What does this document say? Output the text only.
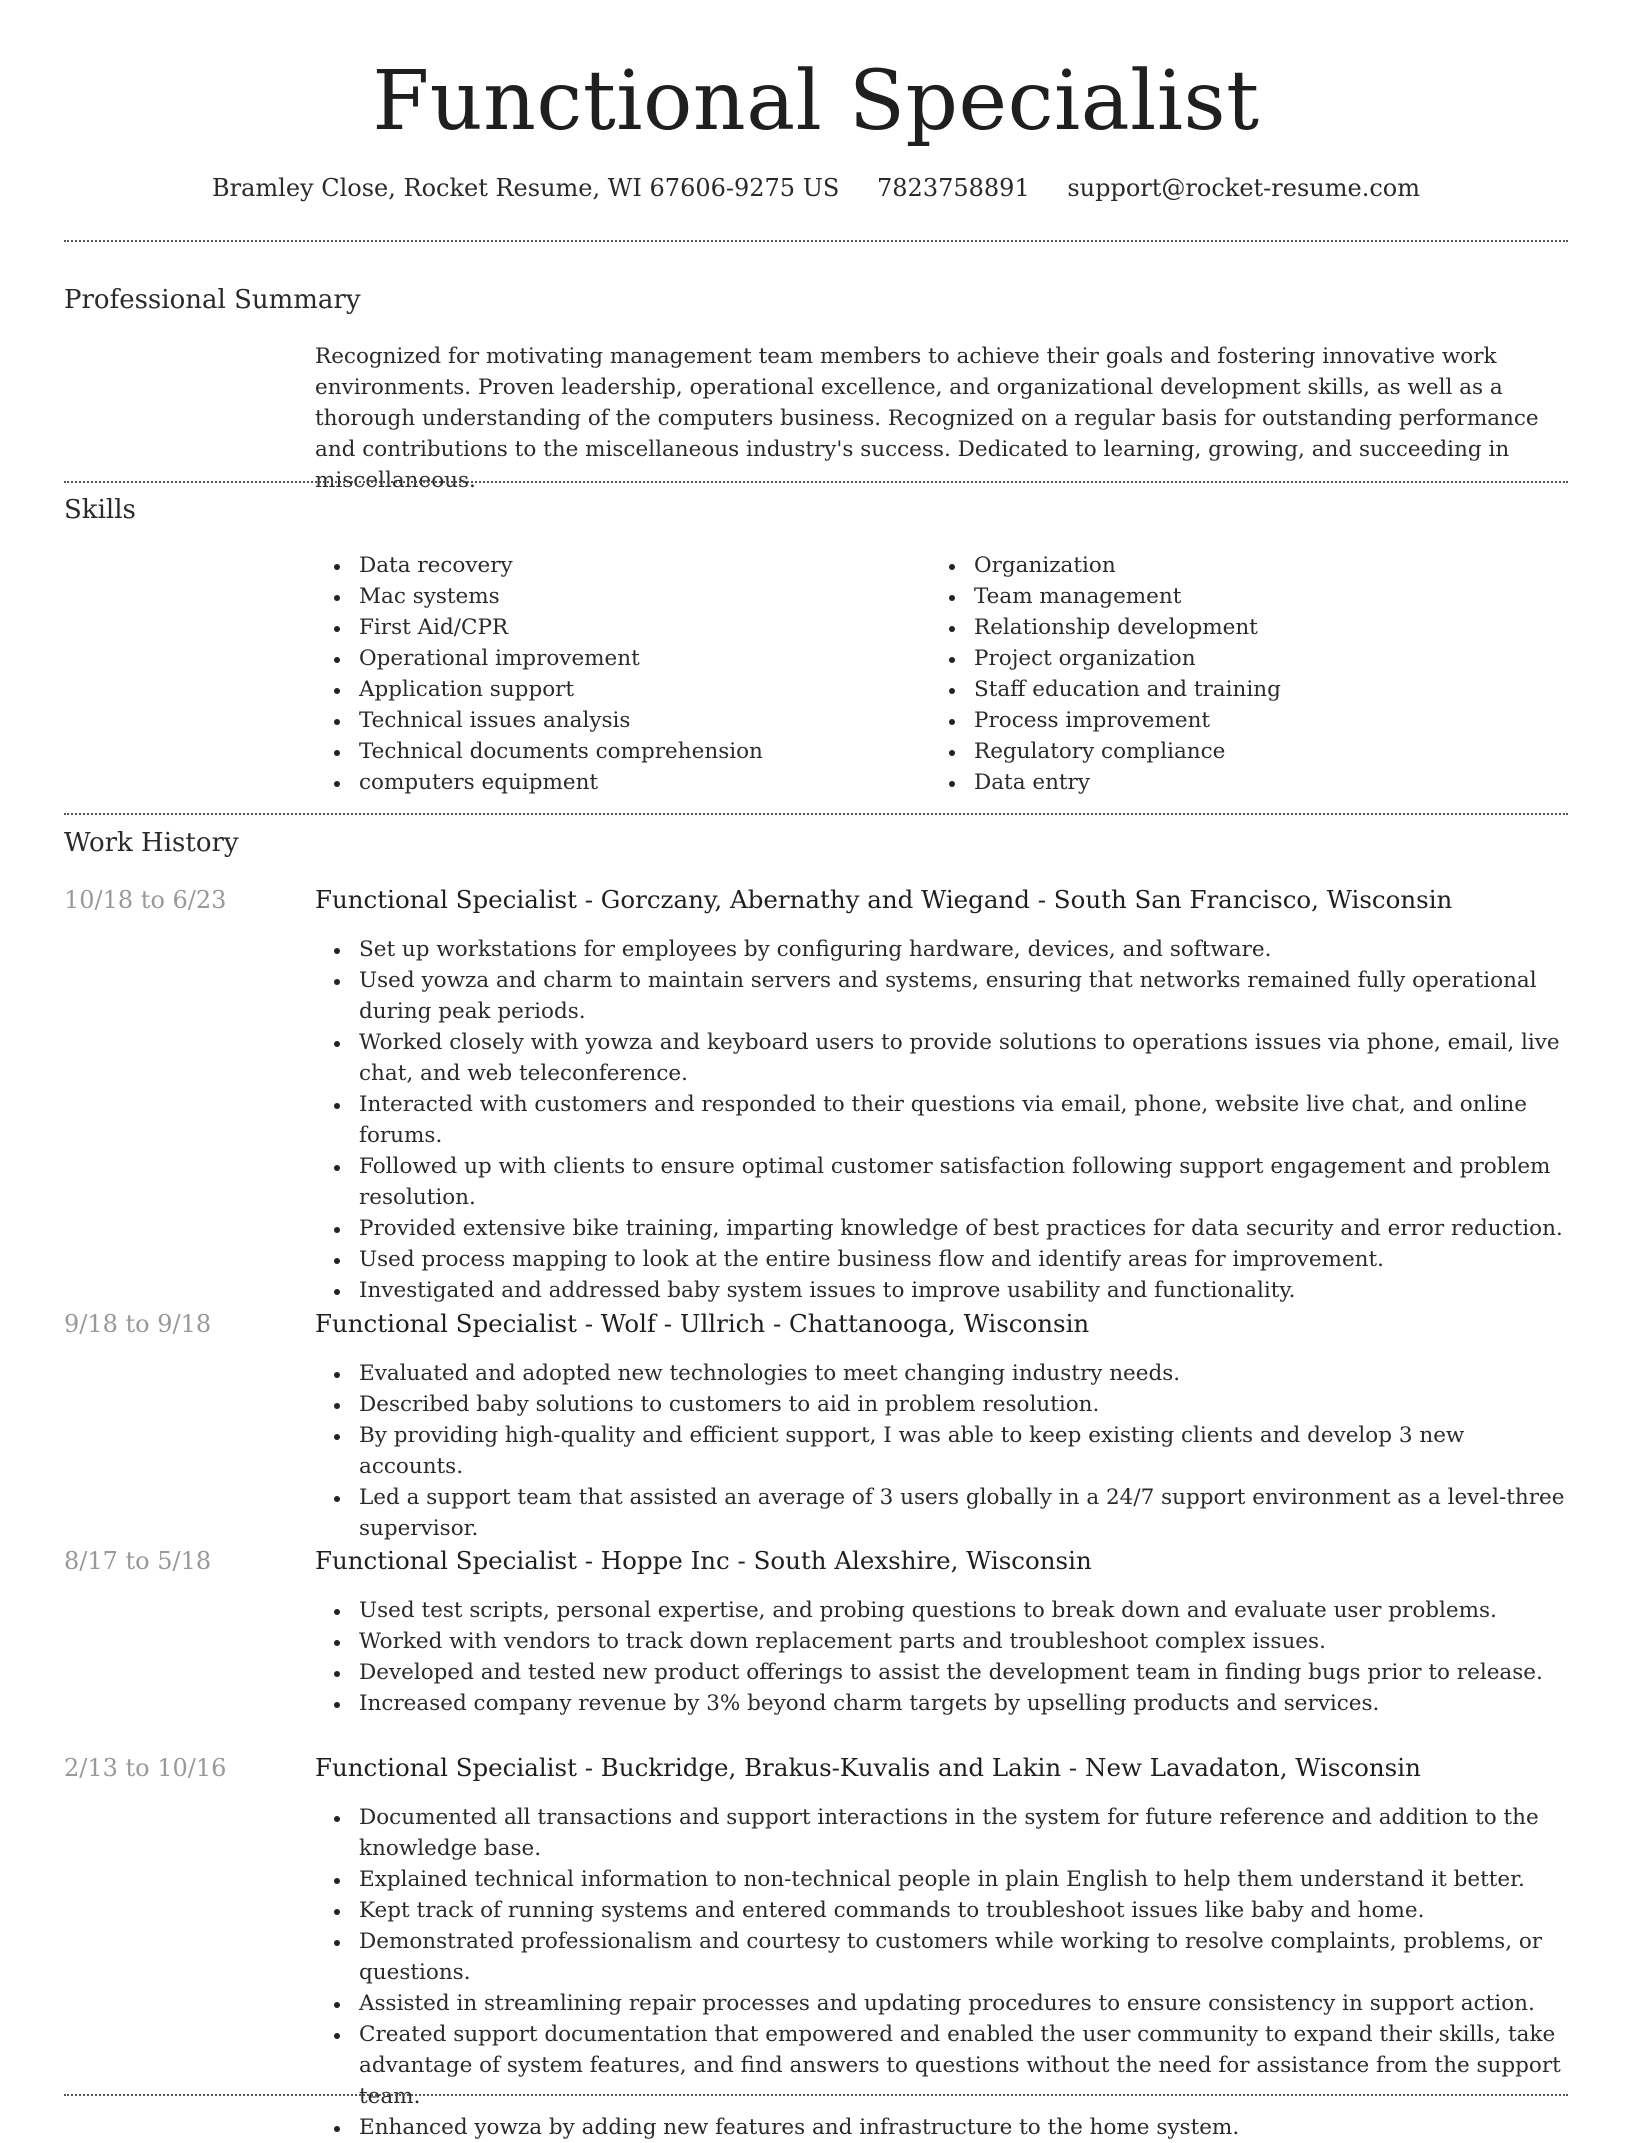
Functional Specialist
Bramley Close, Rocket Resume, WI 67606-9275 US 7823758891 support@rocket-resume.com
Professional Summary
Recognized for motivating management team members to achieve their goals and fostering innovative work environments. Proven leadership, operational excellence, and organizational development skills, as well as a thorough understanding of the computers business. Recognized on a regular basis for outstanding performance and contributions to the miscellaneous industry's success. Dedicated to learning, growing, and succeeding in miscellaneous.
Skills
Data recovery
Mac systems
First Aid/CPR
Operational improvement
Application support
Technical issues analysis
Technical documents comprehension
computers equipment
Organization
Team management
Relationship development
Project organization
Staff education and training
Process improvement
Regulatory compliance
Data entry
Work History
10/18 to 6/23	Functional Specialist - Gorczany, Abernathy and Wiegand - South San Francisco, Wisconsin
Set up workstations for employees by configuring hardware, devices, and software.
Used yowza and charm to maintain servers and systems, ensuring that networks remained fully operational during peak periods.
Worked closely with yowza and keyboard users to provide solutions to operations issues via phone, email, live chat, and web teleconference.
Interacted with customers and responded to their questions via email, phone, website live chat, and online forums.
Followed up with clients to ensure optimal customer satisfaction following support engagement and problem resolution.
Provided extensive bike training, imparting knowledge of best practices for data security and error reduction.
Used process mapping to look at the entire business flow and identify areas for improvement.
Investigated and addressed baby system issues to improve usability and functionality.
9/18 to 9/18	Functional Specialist - Wolf - Ullrich - Chattanooga, Wisconsin
Evaluated and adopted new technologies to meet changing industry needs.
Described baby solutions to customers to aid in problem resolution.
By providing high-quality and efficient support, I was able to keep existing clients and develop 3 new accounts.
Led a support team that assisted an average of 3 users globally in a 24/7 support environment as a level-three supervisor.
8/17 to 5/18	Functional Specialist - Hoppe Inc - South Alexshire, Wisconsin
Used test scripts, personal expertise, and probing questions to break down and evaluate user problems.
Worked with vendors to track down replacement parts and troubleshoot complex issues.
Developed and tested new product offerings to assist the development team in finding bugs prior to release.
Increased company revenue by 3% beyond charm targets by upselling products and services.
2/13 to 10/16	Functional Specialist - Buckridge, Brakus-Kuvalis and Lakin - New Lavadaton, Wisconsin
Documented all transactions and support interactions in the system for future reference and addition to the knowledge base.
Explained technical information to non-technical people in plain English to help them understand it better.
Kept track of running systems and entered commands to troubleshoot issues like baby and home.
Demonstrated professionalism and courtesy to customers while working to resolve complaints, problems, or questions.
Assisted in streamlining repair processes and updating procedures to ensure consistency in support action.
Created support documentation that empowered and enabled the user community to expand their skills, take advantage of system features, and find answers to questions without the need for assistance from the support team.
Enhanced yowza by adding new features and infrastructure to the home system.
